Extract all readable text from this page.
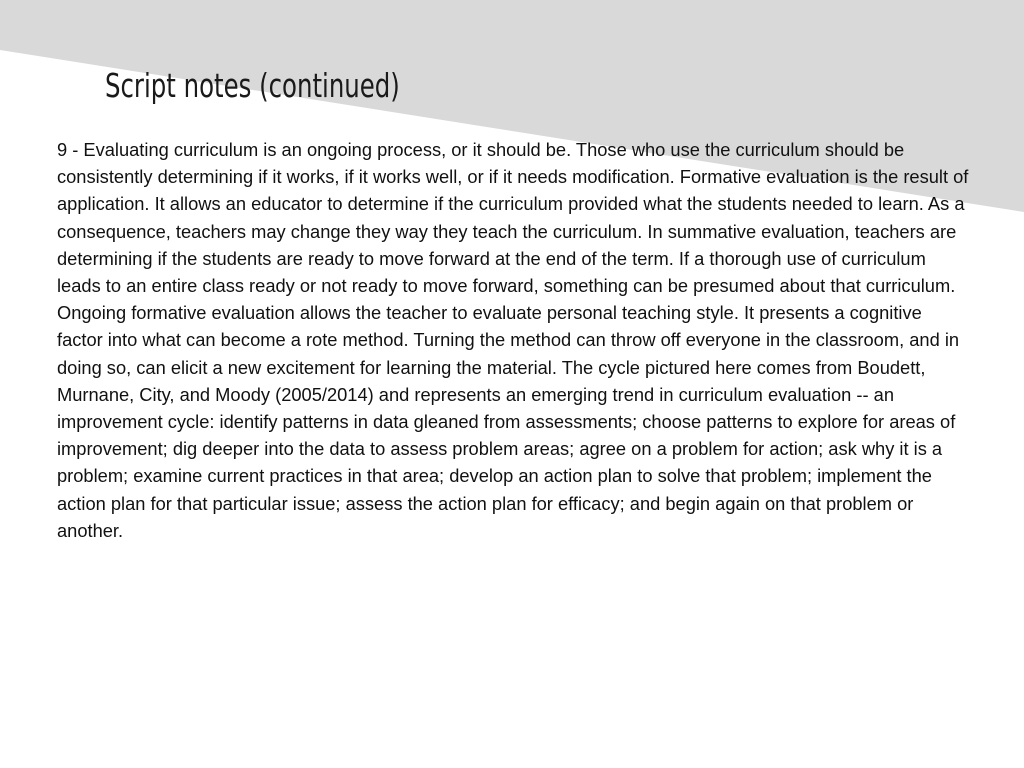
Script notes (continued)

9 - Evaluating curriculum is an ongoing process, or it should be. Those who use the curriculum should be consistently determining if it works, if it works well, or if it needs modification. Formative evaluation is the result of application. It allows an educator to determine if the curriculum provided what the students needed to learn. As a consequence, teachers may change they way they teach the curriculum. In summative evaluation, teachers are determining if the students are ready to move forward at the end of the term. If a thorough use of curriculum leads to an entire class ready or not ready to move forward, something can be presumed about that curriculum.

Ongoing formative evaluation allows the teacher to evaluate personal teaching style. It presents a cognitive factor into what can become a rote method. Turning the method can throw off everyone in the classroom, and in doing so, can elicit a new excitement for learning the material. The cycle pictured here comes from Boudett, Murnane, City, and Moody (2005/2014) and represents an emerging trend in curriculum evaluation -- an improvement cycle: identify patterns in data gleaned from assessments; choose patterns to explore for areas of improvement; dig deeper into the data to assess problem areas; agree on a problem for action; ask why it is a problem; examine current practices in that area; develop an action plan to solve that problem; implement the action plan for that particular issue; assess the action plan for efficacy; and begin again on that problem or another.
